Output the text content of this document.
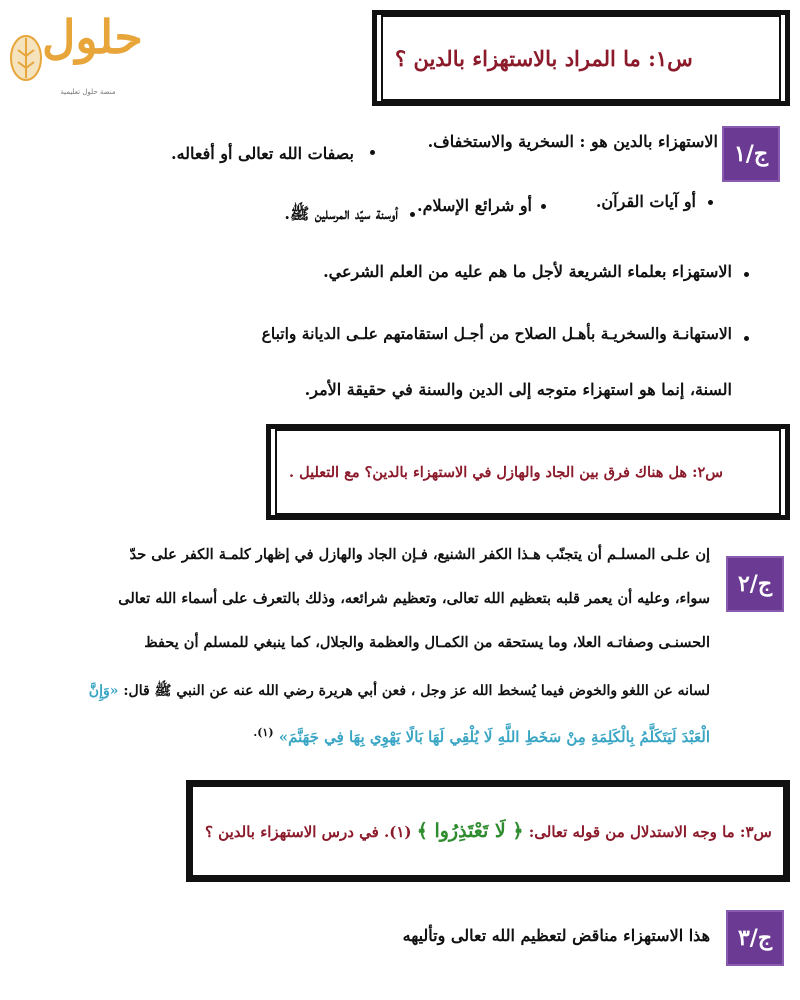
حلول
منصة حلول تعليمية
س١: ما المراد بالاستهزاء بالدين ؟
ج/١
الاستهزاء بالدين هو : السخرية والاستخفاف.
بصفات الله تعالى أو أفعاله.
أو آيات القرآن.
أو شرائع الإسلام.
أوسنة سيّد المرسلين ﷺ.
الاستهزاء بعلماء الشريعة لأجل ما هم عليه من العلم الشرعي.
الاستهانـة والسخريـة بأهـل الصلاح من أجـل استقامتهم علـى الديانة واتباع
السنة، إنما هو استهزاء متوجه إلى الدين والسنة في حقيقة الأمر.
س٢: هل هناك فرق بين الجاد والهازل في الاستهزاء بالدين؟ مع التعليل .
ج/٢
إن علـى المسلـم أن يتجنّب هـذا الكفر الشنيع، فـإن الجاد والهازل في إظهار كلمـة الكفر على حدّ
سواء، وعليه أن يعمر قلبه بتعظيم الله تعالى، وتعظيم شرائعه، وذلك بالتعرف على أسماء الله تعالى
الحسنـى وصفاتـه العلا، وما يستحقه من الكمـال والعظمة والجلال، كما ينبغي للمسلم أن يحفظ
لسانه عن اللغو والخوض فيما يُسخط الله عز وجل ، فعن أبي هريرة رضي الله عنه عن النبي ﷺ قال: «وَإِنَّ
الْعَبْدَ لَيَتَكَلَّمُ بِالْكَلِمَةِ مِنْ سَخَطِ اللَّهِ لَا يُلْقِي لَهَا بَالًا يَهْوِي بِهَا فِي جَهَنَّمَ» $^{(١).}$
س٣: ما وجه الاستدلال من قوله تعالى: ﴿ لَا تَعْتَذِرُوا ﴾ (١). في درس الاستهزاء بالدين ؟
ج/٣
هذا الاستهزاء مناقض لتعظيم الله تعالى وتأليهه
